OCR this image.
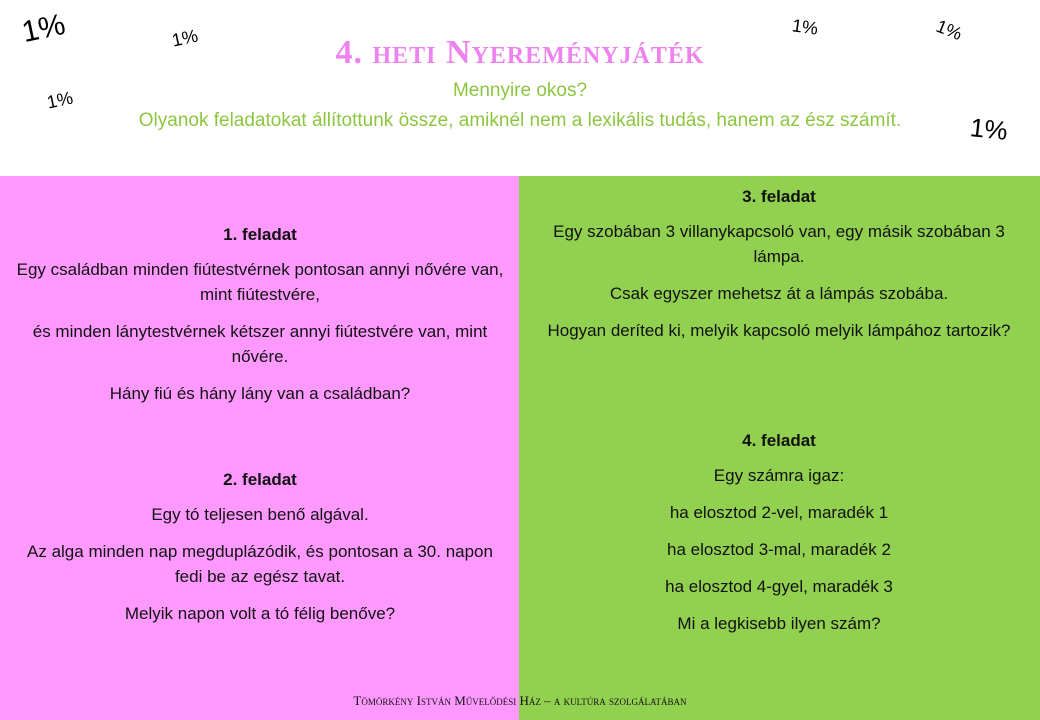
1%	1%
1%
1%	1%
1%
4. heti Nyereményjáték
Mennyire okos?
Olyanok feladatokat állítottunk össze, amiknél nem a lexikális tudás, hanem az ész számít.
1. feladat

Egy családban minden fiútestvérnek pontosan annyi nővére van, mint fiútestvére,

és minden lánytestvérnek kétszer annyi fiútestvére van, mint nővére.

Hány fiú és hány lány van a családban?

2. feladat

Egy tó teljesen benő algával.

Az alga minden nap megduplázódik, és pontosan a 30. napon fedi be az egész tavat.

Melyik napon volt a tó félig benőve?

3. feladat

Egy szobában 3 villanykapcsoló van, egy másik szobában 3 lámpa.

Csak egyszer mehetsz át a lámpás szobába.

Hogyan deríted ki, melyik kapcsoló melyik lámpához tartozik?

4. feladat

Egy számra igaz:

ha elosztod 2-vel, maradék 1

ha elosztod 3-mal, maradék 2

ha elosztod 4-gyel, maradék 3

Mi a legkisebb ilyen szám?

Tömörkény István Művelődési Ház – a kultúra szolgálatában
